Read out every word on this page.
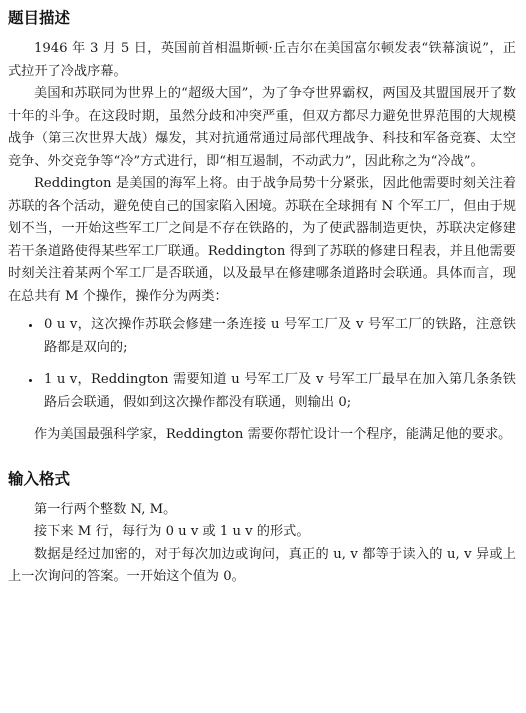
题目描述

1946 年 3 月 5 日，英国前首相温斯顿·丘吉尔在美国富尔顿发表“铁幕演说”，正式拉开了冷战序幕。

美国和苏联同为世界上的“超级大国”，为了争夺世界霸权，两国及其盟国展开了数十年的斗争。在这段时期，虽然分歧和冲突严重，但双方都尽力避免世界范围的大规模战争（第三次世界大战）爆发，其对抗通常通过局部代理战争、科技和军备竞赛、太空竞争、外交竞争等“冷”方式进行，即“相互遏制，不动武力”，因此称之为“冷战”。

Reddington 是美国的海军上将。由于战争局势十分紧张，因此他需要时刻关注着苏联的各个活动，避免使自己的国家陷入困境。苏联在全球拥有 N 个军工厂，但由于规划不当，一开始这些军工厂之间是不存在铁路的，为了使武器制造更快，苏联决定修建若干条道路使得某些军工厂联通。Reddington 得到了苏联的修建日程表，并且他需要时刻关注着某两个军工厂是否联通，以及最早在修建哪条道路时会联通。具体而言，现在总共有 M 个操作，操作分为两类：

• 0 u v，这次操作苏联会修建一条连接 u 号军工厂及 v 号军工厂的铁路，注意铁路都是双向的;
• 1 u v，Reddington 需要知道 u 号军工厂及 v 号军工厂最早在加入第几条条铁路后会联通，假如到这次操作都没有联通，则输出 0;

作为美国最强科学家，Reddington 需要你帮忙设计一个程序，能满足他的要求。

输入格式

第一行两个整数 N, M。

接下来 M 行，每行为 0 u v 或 1 u v 的形式。

数据是经过加密的，对于每次加边或询问，真正的 u, v 都等于读入的 u, v 异或上上一次询问的答案。一开始这个值为 0。
